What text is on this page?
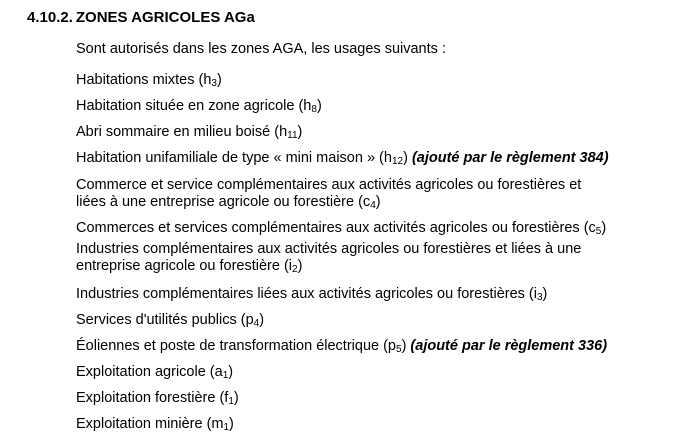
4.10.2. ZONES AGRICOLES AGa
Sont autorisés dans les zones AGA, les usages suivants :
Habitations mixtes $(h_3)$
Habitation située en zone agricole $(h_8)$
Abri sommaire en milieu boisé $(h_{11})$
Habitation unifamiliale de type « mini maison » $(h_{12})$ (ajouté par le règlement 384)
Commerce et service complémentaires aux activités agricoles ou forestières et
liées à une entreprise agricole ou forestière $(c_4)$
Commerces et services complémentaires aux activités agricoles ou forestières $(c_5)$
Industries complémentaires aux activités agricoles ou forestières et liées à une
entreprise agricole ou forestière $(i_2)$
Industries complémentaires liées aux activités agricoles ou forestières $(i_3)$
Services d'utilités publics $(p_4)$
Éoliennes et poste de transformation électrique $(p_5)$ (ajouté par le règlement 336)
Exploitation agricole $(a_1)$
Exploitation forestière $(f_1)$
Exploitation minière $(m_1)$
